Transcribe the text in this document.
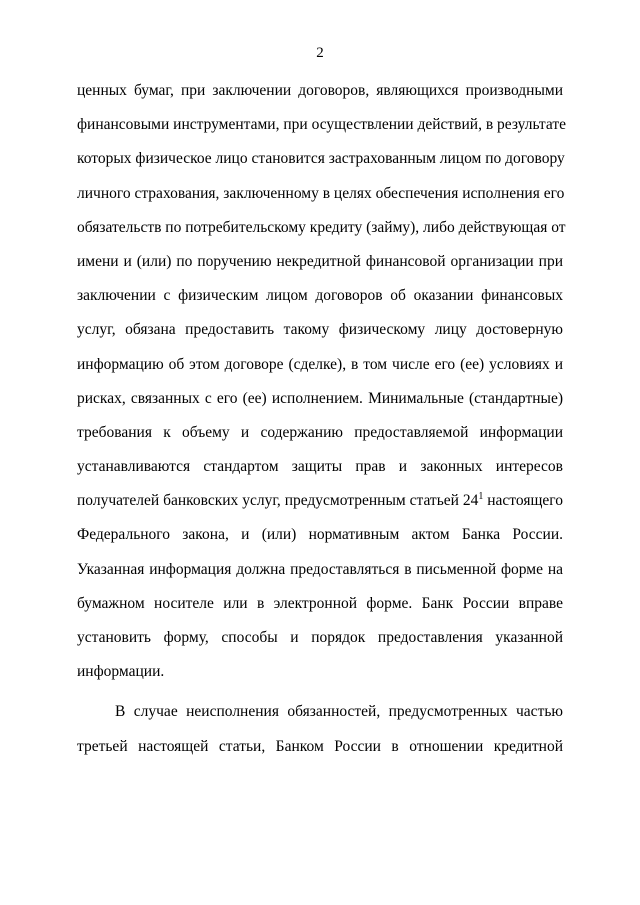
2
ценных бумаг, при заключении договоров, являющихся производными
финансовыми инструментами, при осуществлении действий, в результате
которых физическое лицо становится застрахованным лицом по договору
личного страхования, заключенному в целях обеспечения исполнения его
обязательств по потребительскому кредиту (займу), либо действующая от
имени и (или) по поручению некредитной финансовой организации при
заключении с физическим лицом договоров об оказании финансовых
услуг, обязана предоставить такому физическому лицу достоверную
информацию об этом договоре (сделке), в том числе его (ее) условиях и
рисках, связанных с его (ее) исполнением. Минимальные (стандартные)
требования к объему и содержанию предоставляемой информации
устанавливаются стандартом защиты прав и законных интересов
получателей банковских услуг, предусмотренным статьей $24^1$ настоящего
Федерального закона, и (или) нормативным актом Банка России.
Указанная информация должна предоставляться в письменной форме на
бумажном носителе или в электронной форме. Банк России вправе
установить форму, способы и порядок предоставления указанной
информации.
В случае неисполнения обязанностей, предусмотренных частью
третьей настоящей статьи, Банком России в отношении кредитной
